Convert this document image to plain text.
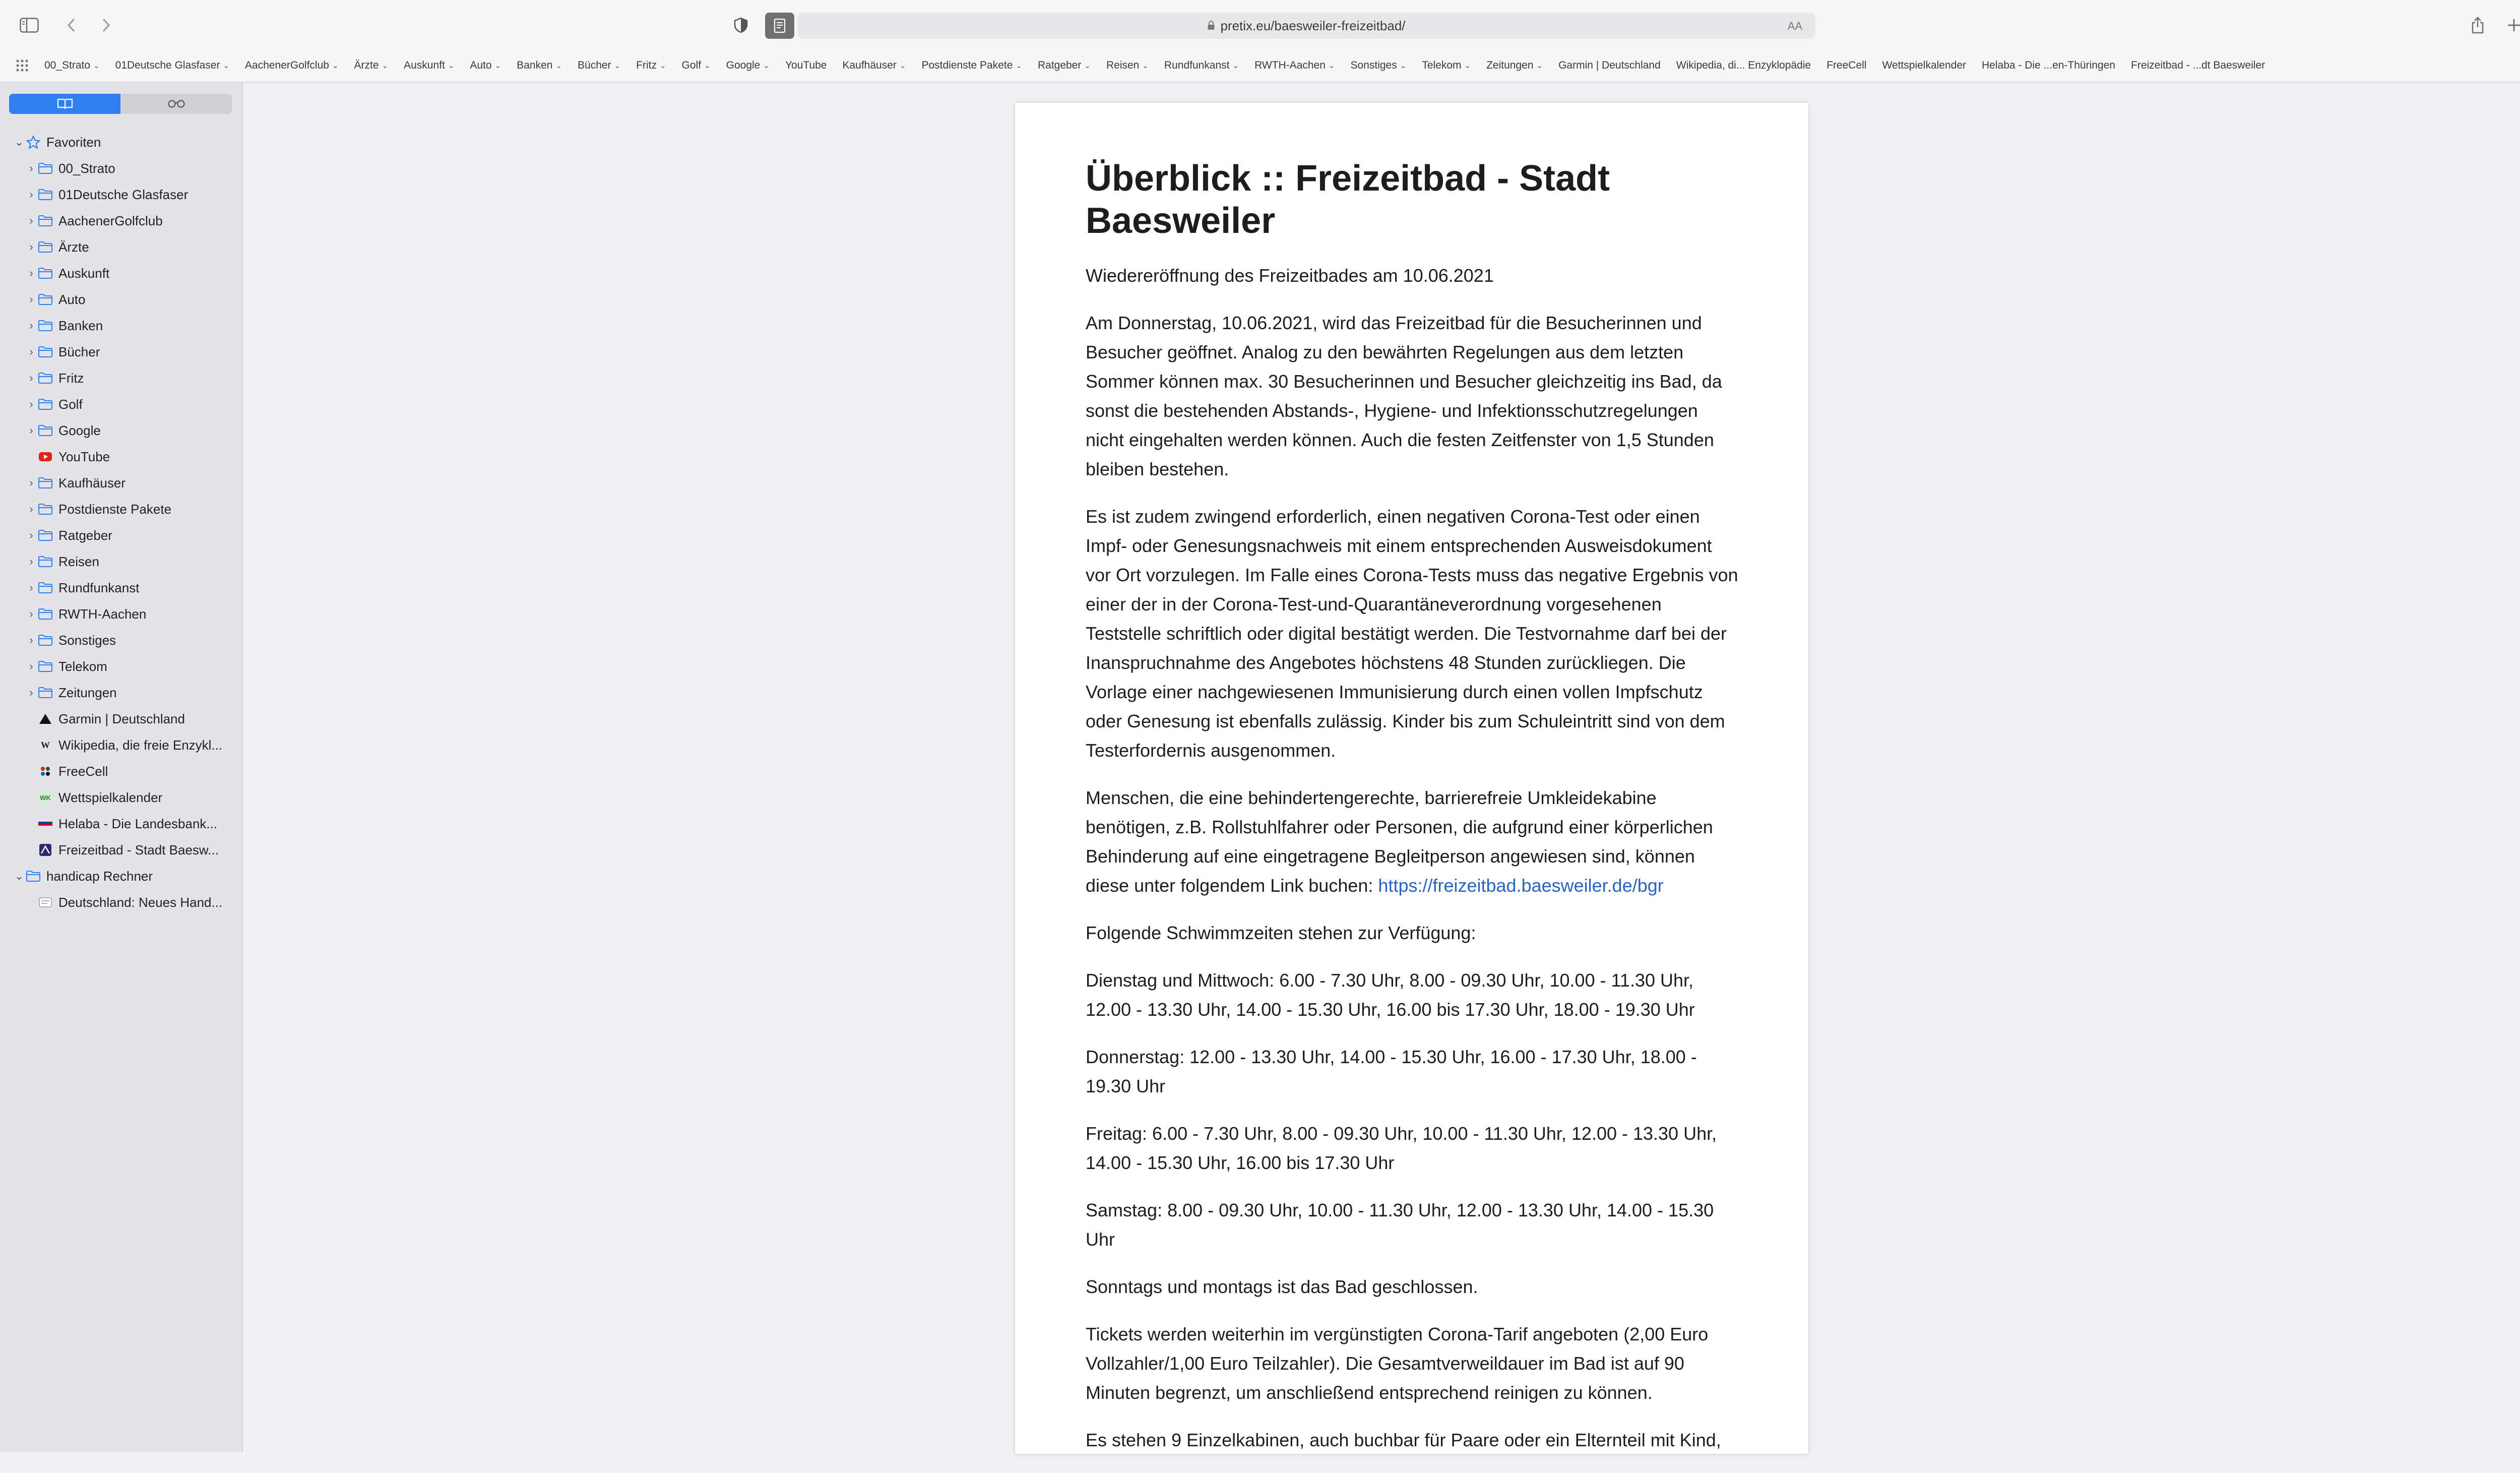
pretix.eu/baesweiler-freizeitbad/	AA
00_Strato ⌄ 01Deutsche Glasfaser ⌄ AachenerGolfclub ⌄ Ärzte ⌄ Auskunft ⌄ Auto ⌄ Banken ⌄ Bücher ⌄ Fritz ⌄ Golf ⌄ Google ⌄ YouTube Kaufhäuser ⌄ Postdienste Pakete ⌄ Ratgeber ⌄ Reisen ⌄ Rundfunkanst ⌄ RWTH-Aachen ⌄ Sonstiges ⌄ Telekom ⌄ Zeitungen ⌄ Garmin | Deutschland Wikipedia, di... Enzyklopädie FreeCell Wettspielkalender Helaba - Die ...en-Thüringen Freizeitbad - ...dt Baesweiler
⌄ Favoriten
›	00_Strato
›	01Deutsche Glasfaser
›	AachenerGolfclub
›	Ärzte
›	Auskunft
›	Auto
›	Banken
›	Bücher
›	Fritz
›	Golf
›	Google
YouTube
›	Kaufhäuser
›	Postdienste Pakete
›	Ratgeber
›	Reisen
›	Rundfunkanst
›	RWTH-Aachen
›	Sonstiges
›	Telekom
›	Zeitungen
Garmin | Deutschland
W Wikipedia, die freie Enzykl...
FreeCell
WK Wettspielkalender
Helaba - Die Landesbank...
Freizeitbad - Stadt Baesw...
⌄ handicap Rechner
Deutschland: Neues Hand...
Überblick :: Freizeitbad - Stadt Baesweiler

Wiedereröffnung des Freizeitbades am 10.06.2021

Am Donnerstag, 10.06.2021, wird das Freizeitbad für die Besucherinnen und Besucher geöffnet. Analog zu den bewährten Regelungen aus dem letzten Sommer können max. 30 Besucherinnen und Besucher gleichzeitig ins Bad, da sonst die bestehenden Abstands-, Hygiene- und Infektionsschutzregelungen nicht eingehalten werden können. Auch die festen Zeitfenster von 1,5 Stunden bleiben bestehen.

Es ist zudem zwingend erforderlich, einen negativen Corona-Test oder einen Impf- oder Genesungsnachweis mit einem entsprechenden Ausweisdokument vor Ort vorzulegen. Im Falle eines Corona-Tests muss das negative Ergebnis von einer der in der Corona-Test-und-Quarantäneverordnung vorgesehenen Teststelle schriftlich oder digital bestätigt werden. Die Testvornahme darf bei der Inanspruchnahme des Angebotes höchstens 48 Stunden zurückliegen. Die Vorlage einer nachgewiesenen Immunisierung durch einen vollen Impfschutz oder Genesung ist ebenfalls zulässig. Kinder bis zum Schuleintritt sind von dem Testerfordernis ausgenommen.

Menschen, die eine behindertengerechte, barrierefreie Umkleidekabine benötigen, z.B. Rollstuhlfahrer oder Personen, die aufgrund einer körperlichen Behinderung auf eine eingetragene Begleitperson angewiesen sind, können diese unter folgendem Link buchen: https://freizeitbad.baesweiler.de/bgr

Folgende Schwimmzeiten stehen zur Verfügung:

Dienstag und Mittwoch: 6.00 - 7.30 Uhr, 8.00 - 09.30 Uhr, 10.00 - 11.30 Uhr, 12.00 - 13.30 Uhr, 14.00 - 15.30 Uhr, 16.00 bis 17.30 Uhr, 18.00 - 19.30 Uhr

Donnerstag: 12.00 - 13.30 Uhr, 14.00 - 15.30 Uhr, 16.00 - 17.30 Uhr, 18.00 - 19.30 Uhr

Freitag: 6.00 - 7.30 Uhr, 8.00 - 09.30 Uhr, 10.00 - 11.30 Uhr, 12.00 - 13.30 Uhr, 14.00 - 15.30 Uhr, 16.00 bis 17.30 Uhr

Samstag: 8.00 - 09.30 Uhr, 10.00 - 11.30 Uhr, 12.00 - 13.30 Uhr, 14.00 - 15.30 Uhr

Sonntags und montags ist das Bad geschlossen.

Tickets werden weiterhin im vergünstigten Corona-Tarif angeboten (2,00 Euro Vollzahler/1,00 Euro Teilzahler). Die Gesamtverweildauer im Bad ist auf 90 Minuten begrenzt, um anschließend entsprechend reinigen zu können.

Es stehen 9 Einzelkabinen, auch buchbar für Paare oder ein Elternteil mit Kind,
